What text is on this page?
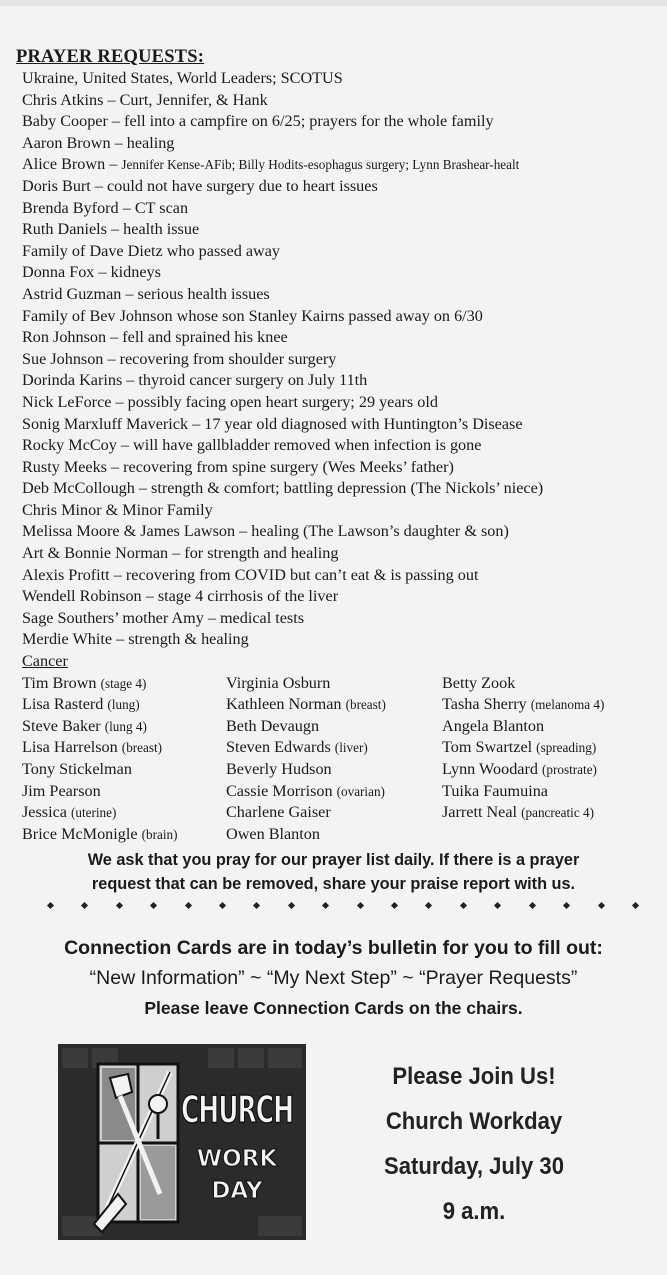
PRAYER REQUESTS:
Ukraine, United States, World Leaders; SCOTUS
Chris Atkins – Curt, Jennifer, & Hank
Baby Cooper – fell into a campfire on 6/25; prayers for the whole family
Aaron Brown – healing
Alice Brown – Jennifer Kense-AFib; Billy Hodits-esophagus surgery; Lynn Brashear-healt
Doris Burt – could not have surgery due to heart issues
Brenda Byford – CT scan
Ruth Daniels – health issue
Family of Dave Dietz who passed away
Donna Fox – kidneys
Astrid Guzman – serious health issues
Family of Bev Johnson whose son Stanley Kairns passed away on 6/30
Ron Johnson – fell and sprained his knee
Sue Johnson – recovering from shoulder surgery
Dorinda Karins – thyroid cancer surgery on July 11th
Nick LeForce – possibly facing open heart surgery; 29 years old
Sonig Marxluff Maverick – 17 year old diagnosed with Huntington’s Disease
Rocky McCoy – will have gallbladder removed when infection is gone
Rusty Meeks – recovering from spine surgery (Wes Meeks’ father)
Deb McCollough – strength & comfort; battling depression (The Nickols’ niece)
Chris Minor & Minor Family
Melissa Moore & James Lawson – healing (The Lawson’s daughter & son)
Art & Bonnie Norman – for strength and healing
Alexis Profitt – recovering from COVID but can’t eat & is passing out
Wendell Robinson – stage 4 cirrhosis of the liver
Sage Southers’ mother Amy – medical tests
Merdie White – strength & healing
Cancer
Tim Brown (stage 4)
Lisa Rasterd (lung)
Steve Baker (lung 4)
Lisa Harrelson (breast)
Tony Stickelman
Jim Pearson
Jessica (uterine)
Brice McMonigle (brain)
Virginia Osburn
Kathleen Norman (breast)
Beth Devaugn
Steven Edwards (liver)
Beverly Hudson
Cassie Morrison (ovarian)
Charlene Gaiser
Owen Blanton
Betty Zook
Tasha Sherry (melanoma 4)
Angela Blanton
Tom Swartzel (spreading)
Lynn Woodard (prostrate)
Tuika Faumuina
Jarrett Neal (pancreatic 4)
We ask that you pray for our prayer list daily. If there is a prayer
request that can be removed, share your praise report with us.
Connection Cards are in today’s bulletin for you to fill out:
“New Information” ~ “My Next Step” ~ “Prayer Requests”
Please leave Connection Cards on the chairs.
CHURCH
WORK
DAY
Please Join Us!
Church Workday
Saturday, July 30
9 a.m.
